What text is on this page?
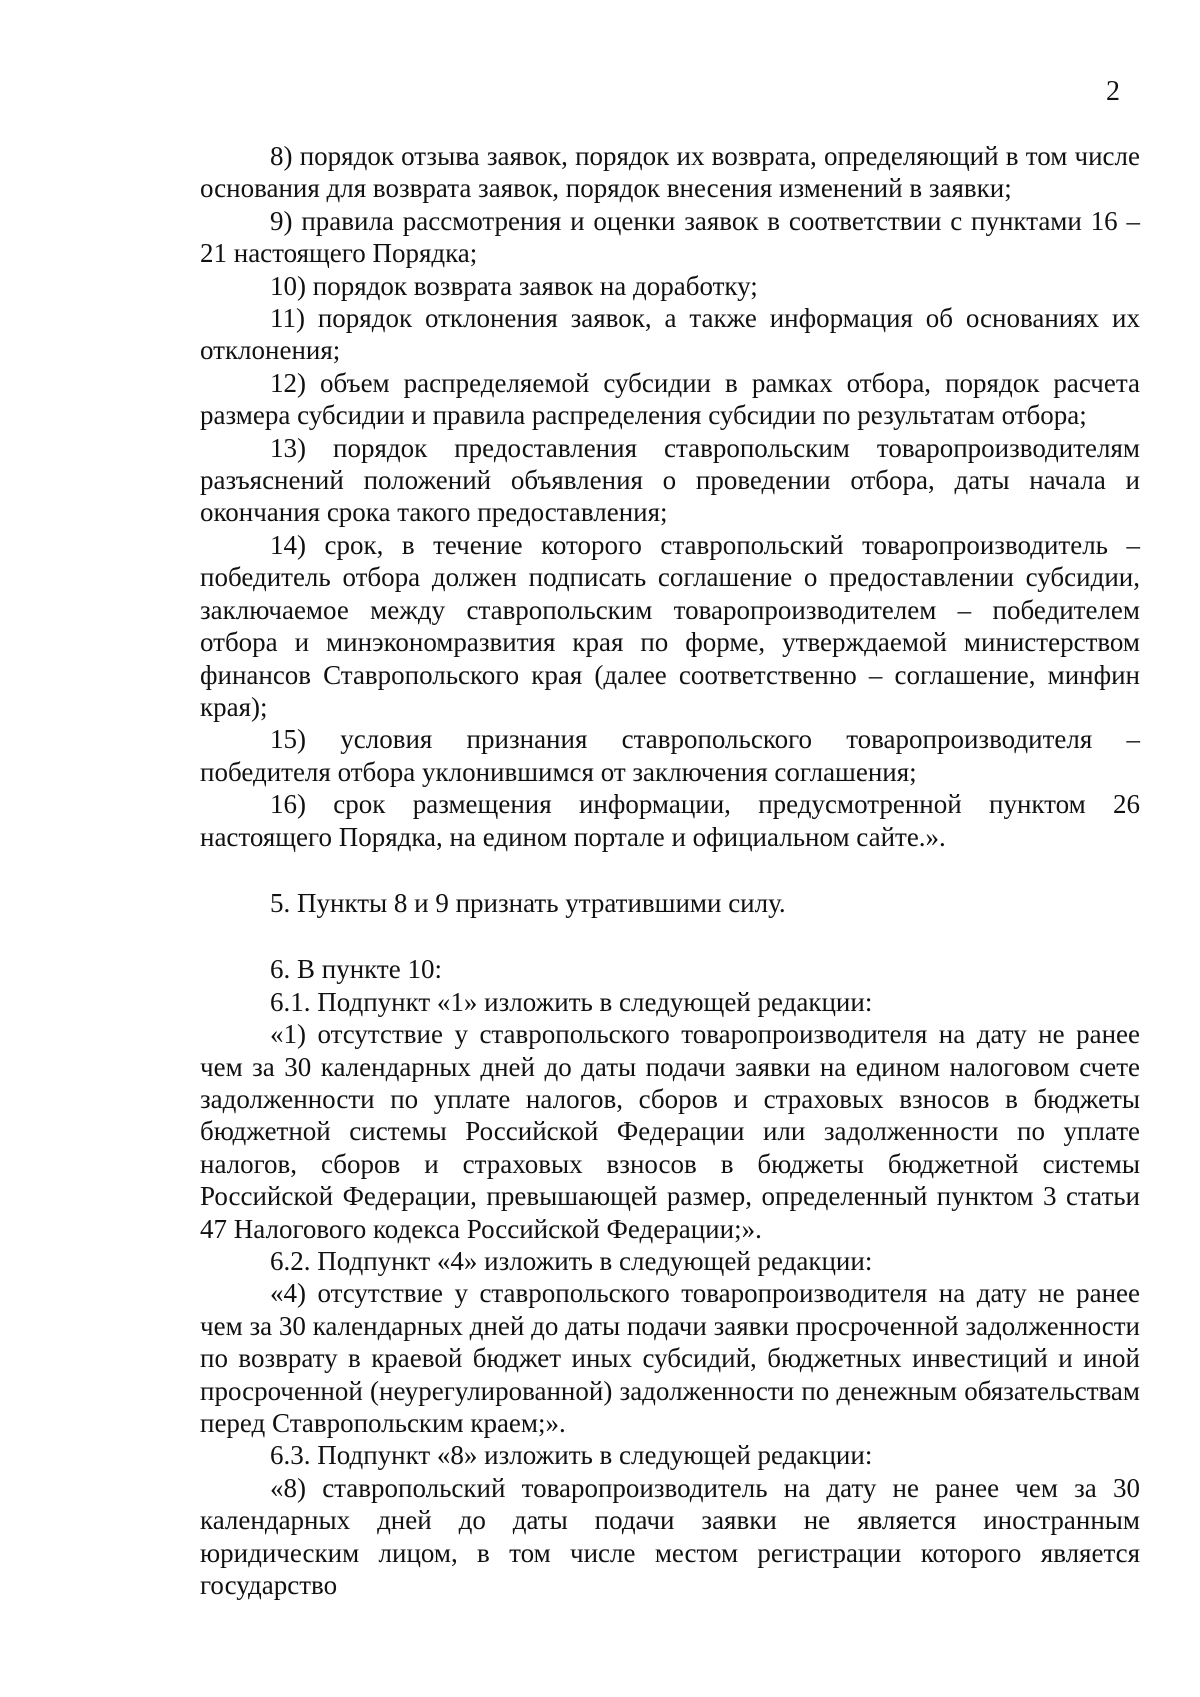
2

8) порядок отзыва заявок, порядок их возврата, определяющий в том числе основания для возврата заявок, порядок внесения изменений в заявки;

9) правила рассмотрения и оценки заявок в соответствии с пунктами 16 – 21 настоящего Порядка;

10) порядок возврата заявок на доработку;

11) порядок отклонения заявок, а также информация об основаниях их отклонения;

12) объем распределяемой субсидии в рамках отбора, порядок расчета размера субсидии и правила распределения субсидии по результатам отбора;

13) порядок предоставления ставропольским товаропроизводителям разъяснений положений объявления о проведении отбора, даты начала и окончания срока такого предоставления;

14) срок, в течение которого ставропольский товаропроизводитель – победитель отбора должен подписать соглашение о предоставлении субсидии, заключаемое между ставропольским товаропроизводителем – победителем отбора и минэкономразвития края по форме, утверждаемой министерством финансов Ставропольского края (далее соответственно – соглашение, минфин края);

15) условия признания ставропольского товаропроизводителя – победителя отбора уклонившимся от заключения соглашения;

16) срок размещения информации, предусмотренной пунктом 26 настоящего Порядка, на едином портале и официальном сайте.».

5. Пункты 8 и 9 признать утратившими силу.

6. В пункте 10:

6.1. Подпункт «1» изложить в следующей редакции:

«1) отсутствие у ставропольского товаропроизводителя на дату не ранее чем за 30 календарных дней до даты подачи заявки на едином налоговом счете задолженности по уплате налогов, сборов и страховых взносов в бюджеты бюджетной системы Российской Федерации или задолженности по уплате налогов, сборов и страховых взносов в бюджеты бюджетной системы Российской Федерации, превышающей размер, определенный пунктом 3 статьи 47 Налогового кодекса Российской Федерации;».

6.2. Подпункт «4» изложить в следующей редакции:

«4) отсутствие у ставропольского товаропроизводителя на дату не ранее чем за 30 календарных дней до даты подачи заявки просроченной задолженности по возврату в краевой бюджет иных субсидий, бюджетных инвестиций и иной просроченной (неурегулированной) задолженности по денежным обязательствам перед Ставропольским краем;».

6.3. Подпункт «8» изложить в следующей редакции:

«8) ставропольский товаропроизводитель на дату не ранее чем за 30 календарных дней до даты подачи заявки не является иностранным юридическим лицом, в том числе местом регистрации которого является государство
